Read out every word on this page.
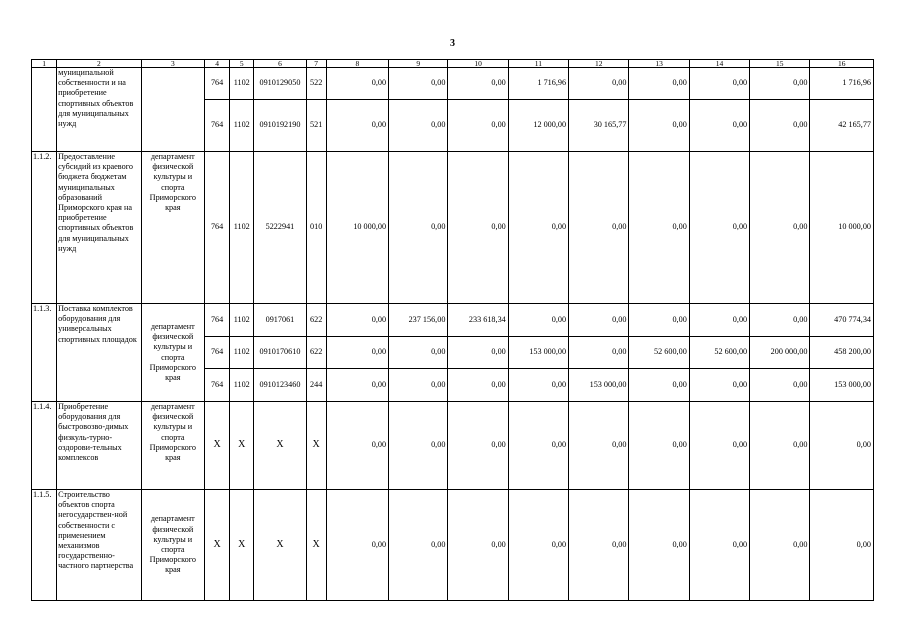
3
1	2	3	4	5	6	7	8	9	10	11	12	13	14	15	16
	муниципальной собственности и на приобретение спортивных объектов для муниципальных нужд		764	1102	0910129050	522	0,00	0,00	0,00	1 716,96	0,00	0,00	0,00	0,00	1 716,96
			764	1102	0910192190	521	0,00	0,00	0,00	12 000,00	30 165,77	0,00	0,00	0,00	42 165,77
1.1.2.	Предоставление субсидий из краевого бюджета бюджетам муниципальных образований Приморского края на приобретение спортивных объектов для муниципальных нужд	департамент физической культуры и спорта Приморского края	764	1102	5222941	010	10 000,00	0,00	0,00	0,00	0,00	0,00	0,00	0,00	10 000,00
1.1.3.	Поставка комплектов оборудования для универсальных спортивных площадок	департамент физической культуры и спорта Приморского края	764	1102	0917061	622	0,00	237 156,00	233 618,34	0,00	0,00	0,00	0,00	0,00	470 774,34
			764	1102	0910170610	622	0,00	0,00	0,00	153 000,00	0,00	52 600,00	52 600,00	200 000,00	458 200,00
			764	1102	0910123460	244	0,00	0,00	0,00	0,00	153 000,00	0,00	0,00	0,00	153 000,00
1.1.4.	Приобретение оборудования для быстровозво-димых физкуль-турно-оздорови-тельных комплексов	департамент физической культуры и спорта Приморского края	X	X	X	X	0,00	0,00	0,00	0,00	0,00	0,00	0,00	0,00	0,00
1.1.5.	Строительство объектов спорта негосударствен-ной собственности с применением механизмов государственно-частного партнерства	департамент физической культуры и спорта Приморского края	X	X	X	X	0,00	0,00	0,00	0,00	0,00	0,00	0,00	0,00	0,00
